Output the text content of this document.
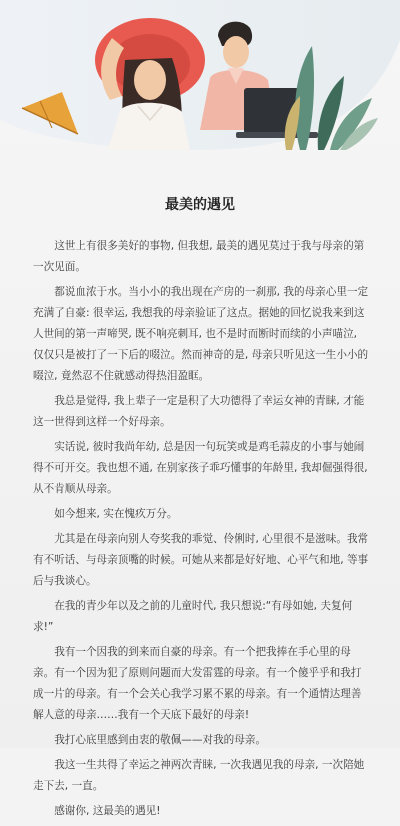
最美的遇见

这世上有很多美好的事物, 但我想, 最美的遇见莫过于我与母亲的第一次见面。

都说血浓于水。当小小的我出现在产房的一刹那, 我的母亲心里一定充满了自豪: 很幸运, 我想我的母亲验证了这点。据她的回忆说我来到这人世间的第一声啼哭, 既不响亮刺耳, 也不是时而断时而续的小声喵泣, 仅仅只是被打了一下后的啜泣。然而神奇的是, 母亲只听见这一生小小的啜泣, 竟然忍不住就感动得热泪盈眶。

我总是觉得, 我上辈子一定是积了大功德得了幸运女神的青睐, 才能这一世得到这样一个好母亲。

实话说, 彼时我尚年幼, 总是因一句玩笑或是鸡毛蒜皮的小事与她闹得不可开交。我也想不通, 在别家孩子乖巧懂事的年龄里, 我却倔强得很, 从不肯顺从母亲。

如今想来, 实在愧疚万分。

尤其是在母亲向别人夸奖我的乖觉、伶俐时, 心里很不是滋味。我常有不听话、与母亲顶嘴的时候。可她从来都是好好地、心平气和地, 等事后与我谈心。

在我的青少年以及之前的儿童时代, 我只想说:“有母如她, 夫复何求!”

我有一个因我的到来而自豪的母亲。有一个把我捧在手心里的母亲。有一个因为犯了原则问题而大发雷霆的母亲。有一个傻乎乎和我打成一片的母亲。有一个会关心我学习累不累的母亲。有一个通情达理善解人意的母亲……我有一个天底下最好的母亲!

我打心底里感到由衷的敬佩——对我的母亲。

我这一生共得了幸运之神两次青睐, 一次我遇见我的母亲, 一次陪她走下去, 一直。

感谢你, 这最美的遇见!
